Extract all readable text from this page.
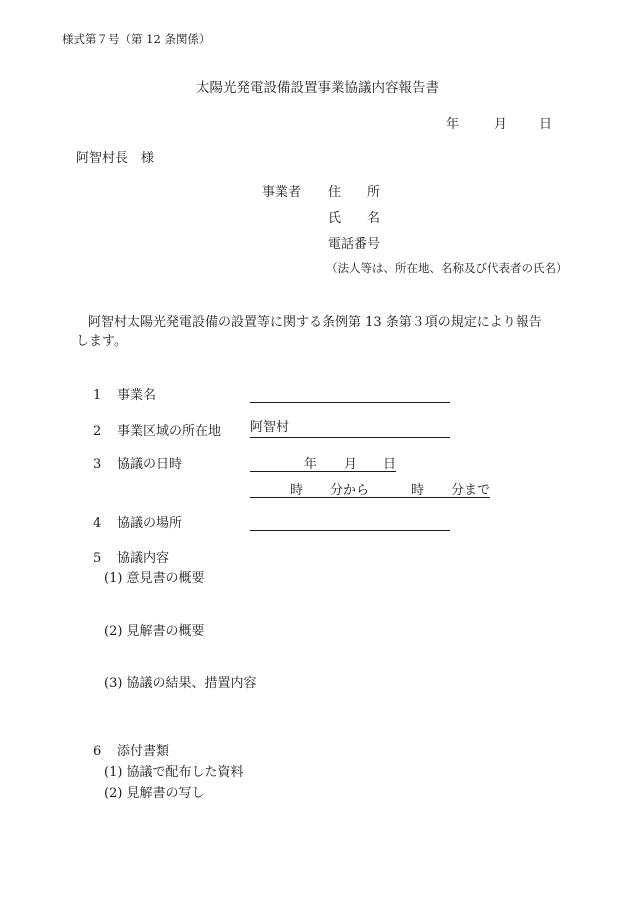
様式第７号（第 12 条関係）
太陽光発電設備設置事業協議内容報告書
年	月 日
阿智村長　様
事業者 住　　所
氏　　名
電話番号
（法人等は、所在地、名称及び代表者の氏名）
阿智村太陽光発電設備の設置等に関する条例第 13 条第３項の規定により報告
します。
1 事業名
2 事業区域の所在地 阿智村
3 協議の日時	年 月 日
時 分から	時 分まで
4 協議の場所
5 協議内容
(1) 意見書の概要
(2) 見解書の概要
(3) 協議の結果、措置内容
6 添付書類
(1) 協議で配布した資料
(2) 見解書の写し
